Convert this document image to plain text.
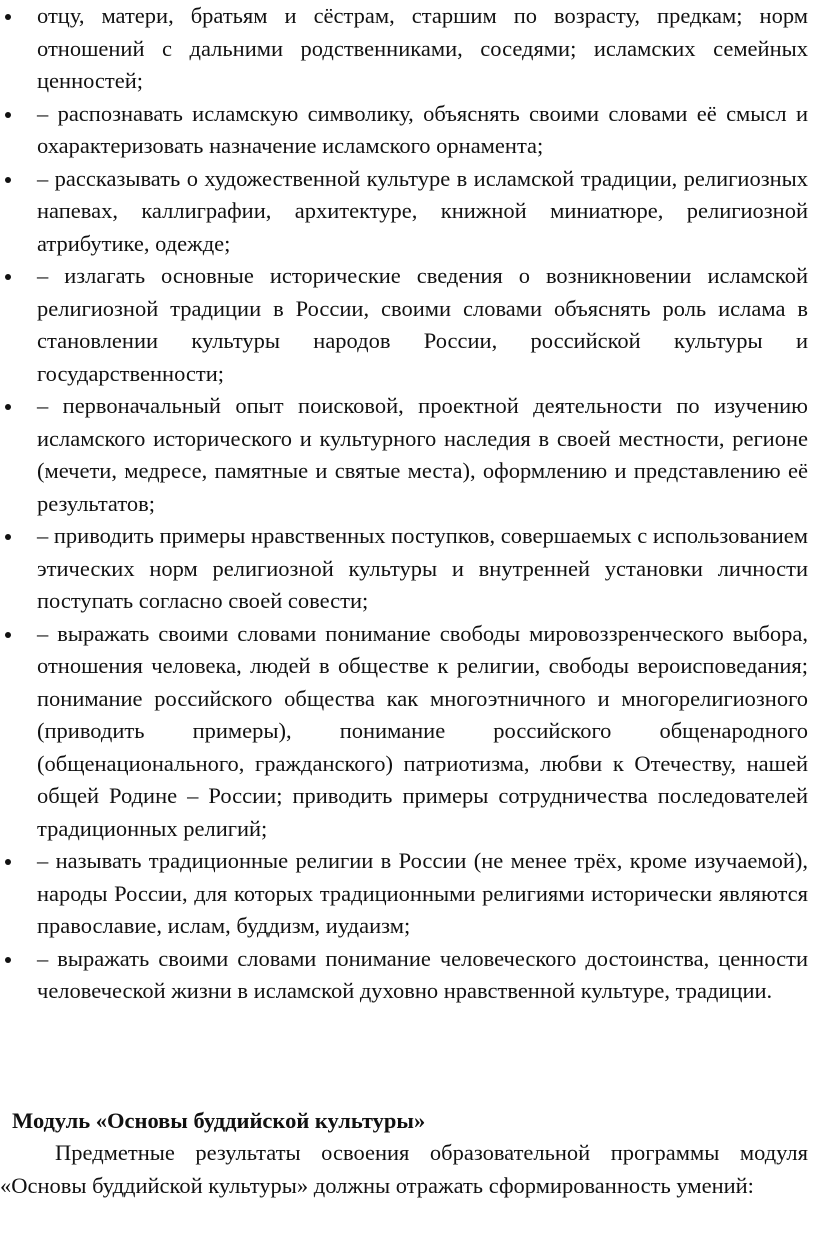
отцу, матери, братьям и сёстрам, старшим по возрасту, предкам; норм отношений с дальними родственниками, соседями; исламских семейных ценностей;
– распознавать исламскую символику, объяснять своими словами её смысл и охарактеризовать назначение исламского орнамента;
– рассказывать о художественной культуре в исламской традиции, религиозных напевах, каллиграфии, архитектуре, книжной миниатюре, религиозной атрибутике, одежде;
– излагать основные исторические сведения о возникновении исламской религиозной традиции в России, своими словами объяснять роль ислама в становлении культуры народов России, российской культуры и государственности;
– первоначальный опыт поисковой, проектной деятельности по изучению исламского исторического и культурного наследия в своей местности, регионе (мечети, медресе, памятные и святые места), оформлению и представлению её результатов;
– приводить примеры нравственных поступков, совершаемых с использованием этических норм религиозной культуры и внутренней установки личности поступать согласно своей совести;
– выражать своими словами понимание свободы мировоззренческого выбора, отношения человека, людей в обществе к религии, свободы вероисповедания; понимание российского общества как многоэтничного и многорелигиозного (приводить примеры), понимание российского общенародного (общенационального, гражданского) патриотизма, любви к Отечеству, нашей общей Родине – России; приводить примеры сотрудничества последователей традиционных религий;
– называть традиционные религии в России (не менее трёх, кроме изучаемой), народы России, для которых традиционными религиями исторически являются православие, ислам, буддизм, иудаизм;
– выражать своими словами понимание человеческого достоинства, ценности человеческой жизни в исламской духовно нравственной культуре, традиции.
Модуль «Основы буддийской культуры»

Предметные результаты освоения образовательной программы модуля «Основы буддийской культуры» должны отражать сформированность умений:
